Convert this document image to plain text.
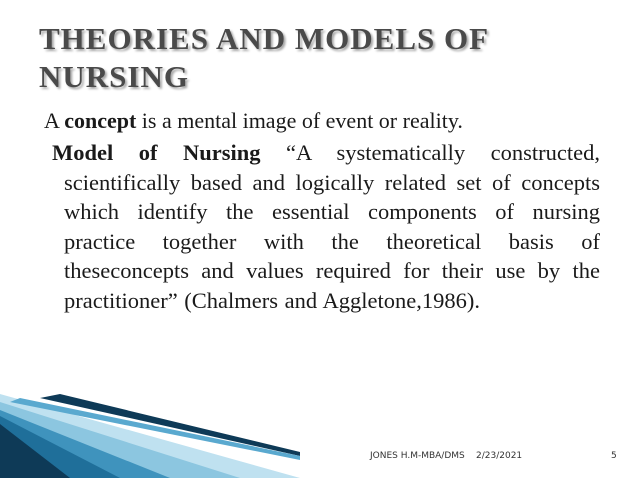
THEORIES AND MODELS OF NURSING

A concept is a mental image of event or reality.

Model of Nursing “A systematically constructed, scientifically based and logically related set of concepts which identify the essential components of nursing practice together with the theoretical basis of theseconcepts and values required for their use by the practitioner” (Chalmers and Aggletone,1986).

JONES H.M-MBA/DMS 2/23/2021	5
